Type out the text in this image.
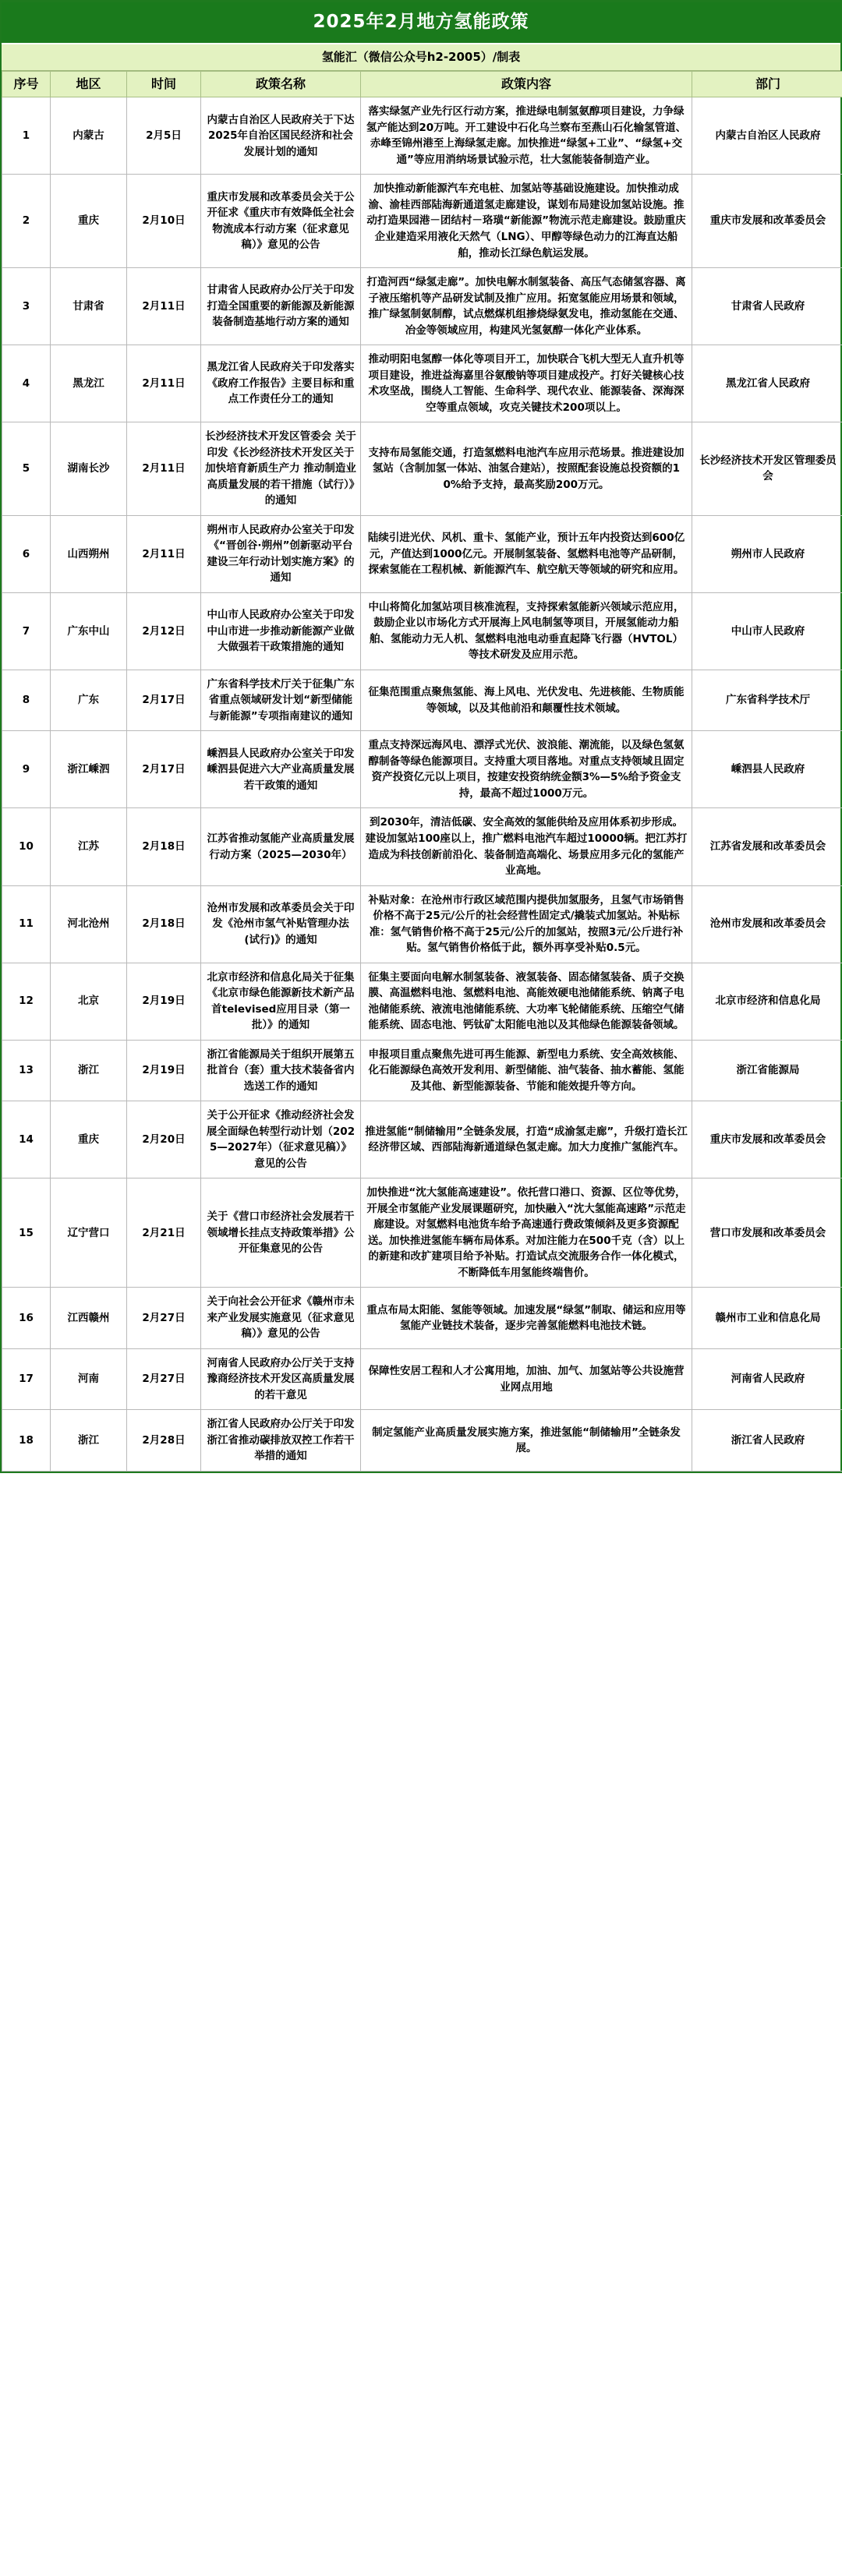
2025年2月地方氢能政策
氢能汇（微信公众号h2-2005）/制表
序号	地区	时间	政策名称	政策内容	部门
1	内蒙古	2月5日	内蒙古自治区人民政府关于下达2025年自治区国民经济和社会发展计划的通知	落实绿氢产业先行区行动方案，推进绿电制氢氨醇项目建设，力争绿氢产能达到20万吨。开工建设中石化乌兰察布至燕山石化输氢管道、赤峰至锦州港至上海绿氢走廊。加快推进“绿氢+工业”、“绿氢+交通”等应用消纳场景试验示范，壮大氢能装备制造产业。	内蒙古自治区人民政府
2	重庆	2月10日	重庆市发展和改革委员会关于公开征求《重庆市有效降低全社会物流成本行动方案（征求意见稿）》意见的公告	加快推动新能源汽车充电桩、加氢站等基础设施建设。加快推动成渝、渝桂西部陆海新通道氢走廊建设，谋划布局建设加氢站设施。推动打造果园港－团结村－珞璜“新能源”物流示范走廊建设。鼓励重庆企业建造采用液化天然气（LNG）、甲醇等绿色动力的江海直达船舶，推动长江绿色航运发展。	重庆市发展和改革委员会
3	甘肃省	2月11日	甘肃省人民政府办公厅关于印发打造全国重要的新能源及新能源装备制造基地行动方案的通知	打造河西“绿氢走廊”。加快电解水制氢装备、高压气态储氢容器、离子液压缩机等产品研发试制及推广应用。拓宽氢能应用场景和领域，推广绿氢制氨制醇，试点燃煤机组掺烧绿氨发电，推动氢能在交通、冶金等领域应用，构建风光氢氨醇一体化产业体系。	甘肃省人民政府
4	黑龙江	2月11日	黑龙江省人民政府关于印发落实《政府工作报告》主要目标和重点工作责任分工的通知	推动明阳电氢醇一体化等项目开工，加快联合飞机大型无人直升机等项目建设，推进益海嘉里谷氨酸钠等项目建成投产。打好关键核心技术攻坚战，围绕人工智能、生命科学、现代农业、能源装备、深海深空等重点领域，攻克关键技术200项以上。	黑龙江省人民政府
5	湖南长沙	2月11日	长沙经济技术开发区管委会 关于印发《长沙经济技术开发区关于加快培育新质生产力 推动制造业高质量发展的若干措施（试行）》的通知	支持布局氢能交通，打造氢燃料电池汽车应用示范场景。推进建设加氢站（含制加氢一体站、油氢合建站），按照配套设施总投资额的10%给予支持，最高奖励200万元。	长沙经济技术开发区管理委员会
6	山西朔州	2月11日	朔州市人民政府办公室关于印发《“晋创谷·朔州”创新驱动平台建设三年行动计划实施方案》的通知	陆续引进光伏、风机、重卡、氢能产业，预计五年内投资达到600亿元，产值达到1000亿元。开展制氢装备、氢燃料电池等产品研制，探索氢能在工程机械、新能源汽车、航空航天等领域的研究和应用。	朔州市人民政府
7	广东中山	2月12日	中山市人民政府办公室关于印发中山市进一步推动新能源产业做大做强若干政策措施的通知	中山将简化加氢站项目核准流程，支持探索氢能新兴领域示范应用，鼓励企业以市场化方式开展海上风电制氢等项目，开展氢能动力船舶、氢能动力无人机、氢燃料电池电动垂直起降飞行器（HVTOL）等技术研发及应用示范。	中山市人民政府
8	广东	2月17日	广东省科学技术厅关于征集广东省重点领域研发计划“新型储能与新能源”专项指南建议的通知	征集范围重点聚焦氢能、海上风电、光伏发电、先进核能、生物质能等领域，以及其他前沿和颠覆性技术领域。	广东省科学技术厅
9	浙江嵊泗	2月17日	嵊泗县人民政府办公室关于印发嵊泗县促进六大产业高质量发展若干政策的通知	重点支持深远海风电、漂浮式光伏、波浪能、潮流能，以及绿色氢氨醇制备等绿色能源项目。支持重大项目落地。对重点支持领域且固定资产投资亿元以上项目，按建安投资纳统金额3%—5%给予资金支持，最高不超过1000万元。	嵊泗县人民政府
10	江苏	2月18日	江苏省推动氢能产业高质量发展行动方案（2025—2030年）	到2030年，清洁低碳、安全高效的氢能供给及应用体系初步形成。建设加氢站100座以上，推广燃料电池汽车超过10000辆。把江苏打造成为科技创新前沿化、装备制造高端化、场景应用多元化的氢能产业高地。	江苏省发展和改革委员会
11	河北沧州	2月18日	沧州市发展和改革委员会关于印发《沧州市氢气补贴管理办法(试行)》的通知	补贴对象：在沧州市行政区域范围内提供加氢服务，且氢气市场销售价格不高于25元/公斤的社会经营性固定式/撬装式加氢站。补贴标准：氢气销售价格不高于25元/公斤的加氢站，按照3元/公斤进行补贴。氢气销售价格低于此，额外再享受补贴0.5元。	沧州市发展和改革委员会
12	北京	2月19日	北京市经济和信息化局关于征集《北京市绿色能源新技术新产品首televised应用目录（第一批）》的通知	征集主要面向电解水制氢装备、液氢装备、固态储氢装备、质子交换膜、高温燃料电池、氢燃料电池、高能效硬电池储能系统、钠离子电池储能系统、液流电池储能系统、大功率飞轮储能系统、压缩空气储能系统、固态电池、钙钛矿太阳能电池以及其他绿色能源装备领域。	北京市经济和信息化局
13	浙江	2月19日	浙江省能源局关于组织开展第五批首台（套）重大技术装备省内选送工作的通知	申报项目重点聚焦先进可再生能源、新型电力系统、安全高效核能、化石能源绿色高效开发利用、新型储能、油气装备、抽水蓄能、氢能及其他、新型能源装备、节能和能效提升等方向。	浙江省能源局
14	重庆	2月20日	关于公开征求《推动经济社会发展全面绿色转型行动计划（2025—2027年）（征求意见稿）》意见的公告	推进氢能“制储输用”全链条发展，打造“成渝氢走廊”，升级打造长江经济带区域、西部陆海新通道绿色氢走廊。加大力度推广氢能汽车。	重庆市发展和改革委员会
15	辽宁营口	2月21日	关于《营口市经济社会发展若干领域增长挂点支持政策举措》公开征集意见的公告	加快推进“沈大氢能高速建设”。依托营口港口、资源、区位等优势，开展全市氢能产业发展课题研究，加快融入“沈大氢能高速路”示范走廊建设。对氢燃料电池货车给予高速通行费政策倾斜及更多资源配送。加快推进氢能车辆布局体系。对加注能力在500千克（含）以上的新建和改扩建项目给予补贴。打造试点交流服务合作一体化模式，不断降低车用氢能终端售价。	营口市发展和改革委员会
16	江西赣州	2月27日	关于向社会公开征求《赣州市未来产业发展实施意见（征求意见稿）》意见的公告	重点布局太阳能、氢能等领域。加速发展“绿氢”制取、储运和应用等氢能产业链技术装备，逐步完善氢能燃料电池技术链。	赣州市工业和信息化局
17	河南	2月27日	河南省人民政府办公厅关于支持豫商经济技术开发区高质量发展的若干意见	保障性安居工程和人才公寓用地，加油、加气、加氢站等公共设施营业网点用地	河南省人民政府
18	浙江	2月28日	浙江省人民政府办公厅关于印发浙江省推动碳排放双控工作若干举措的通知	制定氢能产业高质量发展实施方案，推进氢能“制储输用”全链条发展。	浙江省人民政府
